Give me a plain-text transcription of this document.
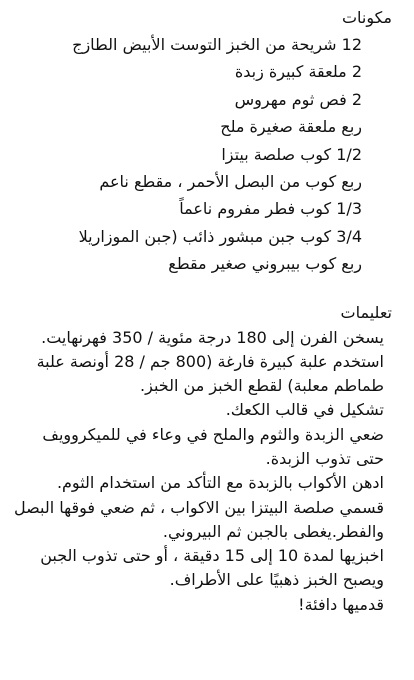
مكونات
12 شريحة من الخبز التوست الأبيض الطازج
2 ملعقة كبيرة زبدة
2 فص ثوم مهروس
ربع ملعقة صغيرة ملح
1/2 كوب صلصة بيتزا
ربع كوب من البصل الأحمر ، مقطع ناعم
1/3 كوب فطر مفروم ناعماً
3/4 كوب جبن مبشور ذائب (جبن الموزاريلا
ربع كوب بيبروني صغير مقطع
تعليمات
يسخن الفرن إلى 180 درجة مئوية / 350 فهرنهايت.
استخدم علبة كبيرة فارغة (800 جم / 28 أونصة علبة طماطم معلبة) لقطع الخبز من الخبز.
تشكيل في قالب الكعك.
ضعي الزبدة والثوم والملح في وعاء في للميكروويف حتى تذوب الزبدة.
ادهن الأكواب بالزبدة مع التأكد من استخدام الثوم.
قسمي صلصة البيتزا بين الاكواب ، ثم ضعي فوقها البصل والفطر.يغطى بالجبن ثم البيروني.
اخبزيها لمدة 10 إلى 15 دقيقة ، أو حتى تذوب الجبن ويصبح الخبز ذهبيًا على الأطراف.
قدميها دافئة!
